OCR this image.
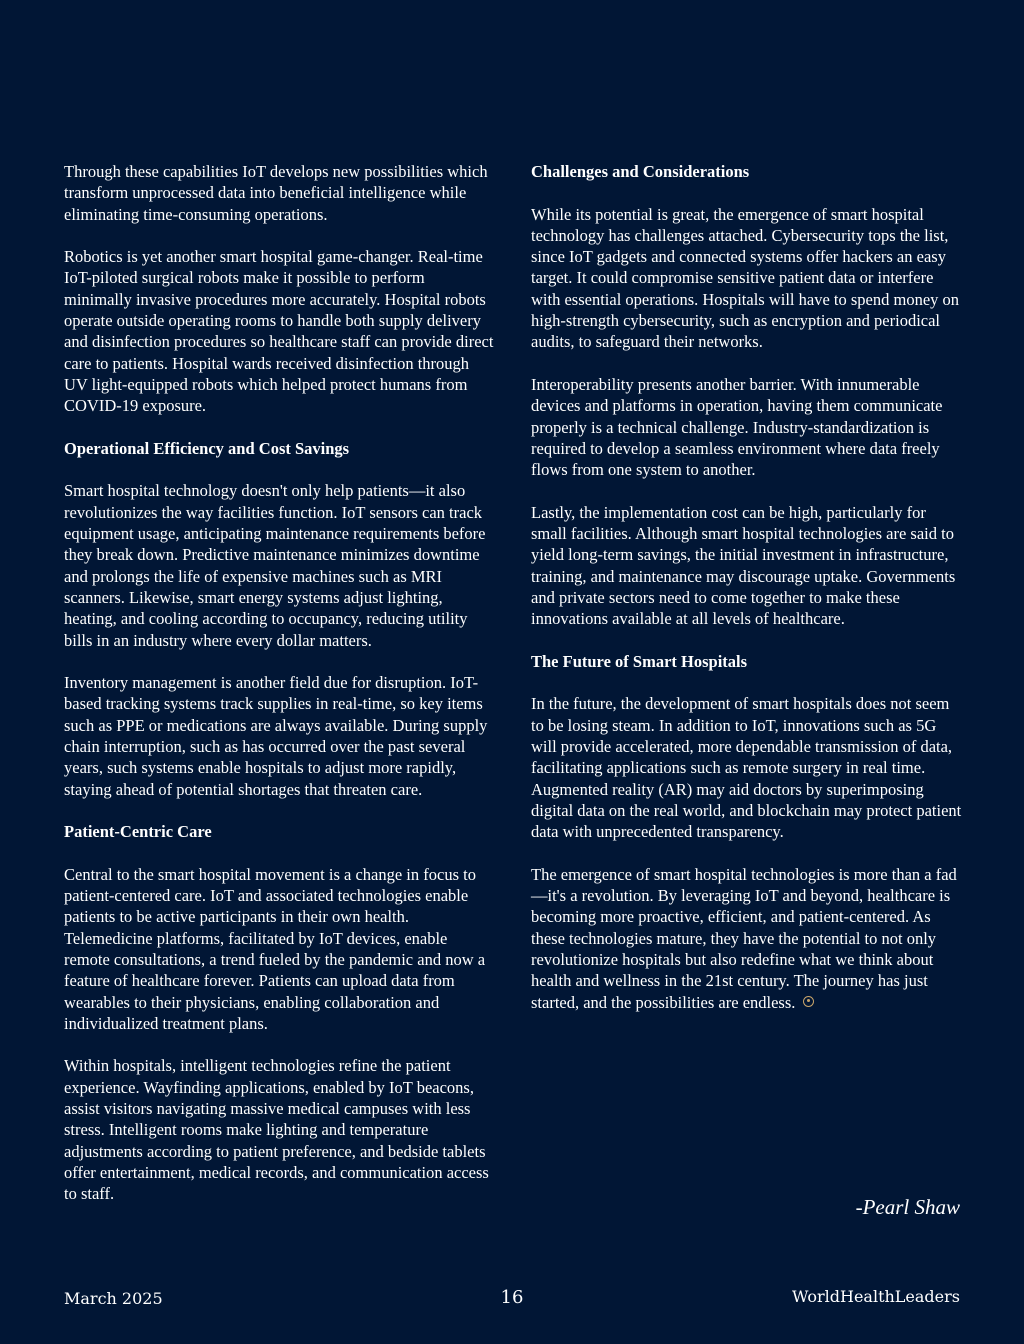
Through these capabilities IoT develops new possibilities which transform unprocessed data into beneficial intelligence while eliminating time-consuming operations.

Robotics is yet another smart hospital game-changer. Real-time IoT-piloted surgical robots make it possible to perform minimally invasive procedures more accurately. Hospital robots operate outside operating rooms to handle both supply delivery and disinfection procedures so healthcare staff can provide direct care to patients. Hospital wards received disinfection through UV light-equipped robots which helped protect humans from COVID-19 exposure.

Operational Efficiency and Cost Savings

Smart hospital technology doesn't only help patients—it also revolutionizes the way facilities function. IoT sensors can track equipment usage, anticipating maintenance requirements before they break down. Predictive maintenance minimizes downtime and prolongs the life of expensive machines such as MRI scanners. Likewise, smart energy systems adjust lighting, heating, and cooling according to occupancy, reducing utility bills in an industry where every dollar matters.

Inventory management is another field due for disruption. IoT-based tracking systems track supplies in real-time, so key items such as PPE or medications are always available. During supply chain interruption, such as has occurred over the past several years, such systems enable hospitals to adjust more rapidly, staying ahead of potential shortages that threaten care.

Patient-Centric Care

Central to the smart hospital movement is a change in focus to patient-centered care. IoT and associated technologies enable patients to be active participants in their own health. Telemedicine platforms, facilitated by IoT devices, enable remote consultations, a trend fueled by the pandemic and now a feature of healthcare forever. Patients can upload data from wearables to their physicians, enabling collaboration and individualized treatment plans.

Within hospitals, intelligent technologies refine the patient experience. Wayfinding applications, enabled by IoT beacons, assist visitors navigating massive medical campuses with less stress. Intelligent rooms make lighting and temperature adjustments according to patient preference, and bedside tablets offer entertainment, medical records, and communication access to staff.

Challenges and Considerations

While its potential is great, the emergence of smart hospital technology has challenges attached. Cybersecurity tops the list, since IoT gadgets and connected systems offer hackers an easy target. It could compromise sensitive patient data or interfere with essential operations. Hospitals will have to spend money on high-strength cybersecurity, such as encryption and periodical audits, to safeguard their networks.

Interoperability presents another barrier. With innumerable devices and platforms in operation, having them communicate properly is a technical challenge. Industry-standardization is required to develop a seamless environment where data freely flows from one system to another.

Lastly, the implementation cost can be high, particularly for small facilities. Although smart hospital technologies are said to yield long-term savings, the initial investment in infrastructure, training, and maintenance may discourage uptake. Governments and private sectors need to come together to make these innovations available at all levels of healthcare.

The Future of Smart Hospitals

In the future, the development of smart hospitals does not seem to be losing steam. In addition to IoT, innovations such as 5G will provide accelerated, more dependable transmission of data, facilitating applications such as remote surgery in real time. Augmented reality (AR) may aid doctors by superimposing digital data on the real world, and blockchain may protect patient data with unprecedented transparency.

The emergence of smart hospital technologies is more than a fad—it's a revolution. By leveraging IoT and beyond, healthcare is becoming more proactive, efficient, and patient-centered. As these technologies mature, they have the potential to not only revolutionize hospitals but also redefine what we think about health and wellness in the 21st century. The journey has just started, and the possibilities are endless.

-Pearl Shaw
March 2025	16	WorldHealthLeaders
